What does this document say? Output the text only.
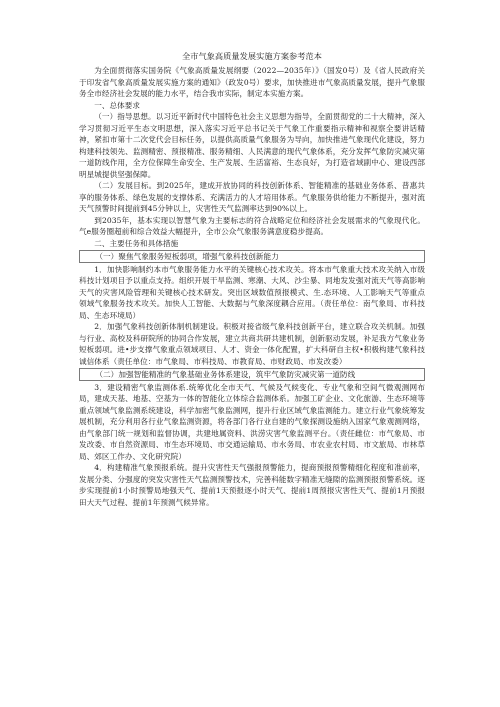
全市气象高质量发展实施方案参考范本

为全面贯彻落实国务院《气象高质量发展纲要（2022—2035年）》（国发0号）及《省人民政府关于印发省气象高质量发展实施方案的通知》（政发0号）要求，加快推进市气象高质量发展，提升气象服务全市经济社会发展的能力水平，结合我市实际，制定本实施方案。

一、总体要求

（一）指导思想。以习近平新时代中国特色社会主义思想为指导，全面贯彻党的二十大精神，深入学习贯彻习近平生态文明思想，深入落实习近平总书记关于气象工作重要指示精神和视察全要讲话精神，紧扣市第十二次党代会目标任务，以提供高质量气象服务为导向，加快推进气象现代化建设，努力构建科技领先、监测精密、预报精准、服务精细、人民满意的现代气象体系，充分发挥气象防灾减灾第一道防线作用，全方位保障生命安全、生产发展、生活富裕、生态良好，为打造省域副中心、建设西部明星城提供坚强保障。

（二）发展目标。到2025年，建成开放协同的科技创新体系、智能精准的基础业务体系、普惠共享的服务体系、绿色发展的支撑体系、充满活力的人才培用体系。气象服务供给能力不断提升，强对流天气预警时间提前到45分钟以上，灾害性天气监测率达到90%以上。

到2035年，基本实现以智慧气象为主要标志的符合战略定位和经济社会发展需求的气象现代化。气e服务圈超前和综合效益大幅提升，全市公众气象服务满意度稳步提高。

二、主要任务和具体措施

（一）聚焦气象服务短板弱项，增强气象科技创新能力

1．加快影响制约本市气象服务能力水平的关键核心技术攻关。将本市气象重大技术攻关纳入市级科技计划项目予以重点支持。组织开展干旱监测、寒潮、大风、沙尘暴、同地发发强对流天气等高影响天气的灾害风险管理和关键核心技术研发。突出区域数值预报模式、生.态环境、人工影响天气等重点领域气象服务技术攻关。加快人工智能、大数据与气象深度耦合应用。（责任单位：南气象局、市科技局、生态环境局）

2．加强气象科技创新体制机制建设。积极对接省级气象科技创新平台，建立联合攻关机制。加强与行业、高校及科研院所的协同合作发展，建立共商共研共建机制，创新驱动发展，补足我方气象业务短板弱项。进•步支撑气象重点领域项目、人才、资金一体化配置，扩大科研自主权•积极构建气象科技诚信体系（责任单位：市气象局、市科技局、市教育局、市财政局、市发改委）

（二）加强智能精准的气象基础业务体系建设，筑牢气象防灾减灾第一道防线

3．建设精密气象监测体系.统筹优化全市天气、气候及气候变化、专业气象和空间气微观测网布局，建成天基、地基、空基为一体的智能化立体综合监测体系。加强工矿企业、文化旅游、生态环境等重点领域气象监测系统建设，科学加密气象监测网，提升行业区域气象监测能力。建立行业气象统筹发展机制，充分利用各行业气象监测资源，将各部门各行业自建的气象探测设施纳入国家气象观测网络，由气象部门统一规划和监督协调，共建地属资料、洪涝灾害气象监测平台。（责任雌位：市气象局、市发改委、市自然资源局、市生态环境局、市交通运输局、市水务局、市农业农村局、市文旅局、市林草局、郊区工作办、文化研究院）

4．构建精准气象预报系统。提升灾害性天气强报预警能力，提商预报预警精细化程度和准前率，发展分类、分强度的突发灾害性天气监测预警技术，完善科能数字精准无缝隙的监测预报预警系统。逐步实现提前1小时预警局地强天气、提前1天预报逐小时天气、提前1周预报灾害性天气、提前1月预报田大天气过程、提前1年预测气候异常。
